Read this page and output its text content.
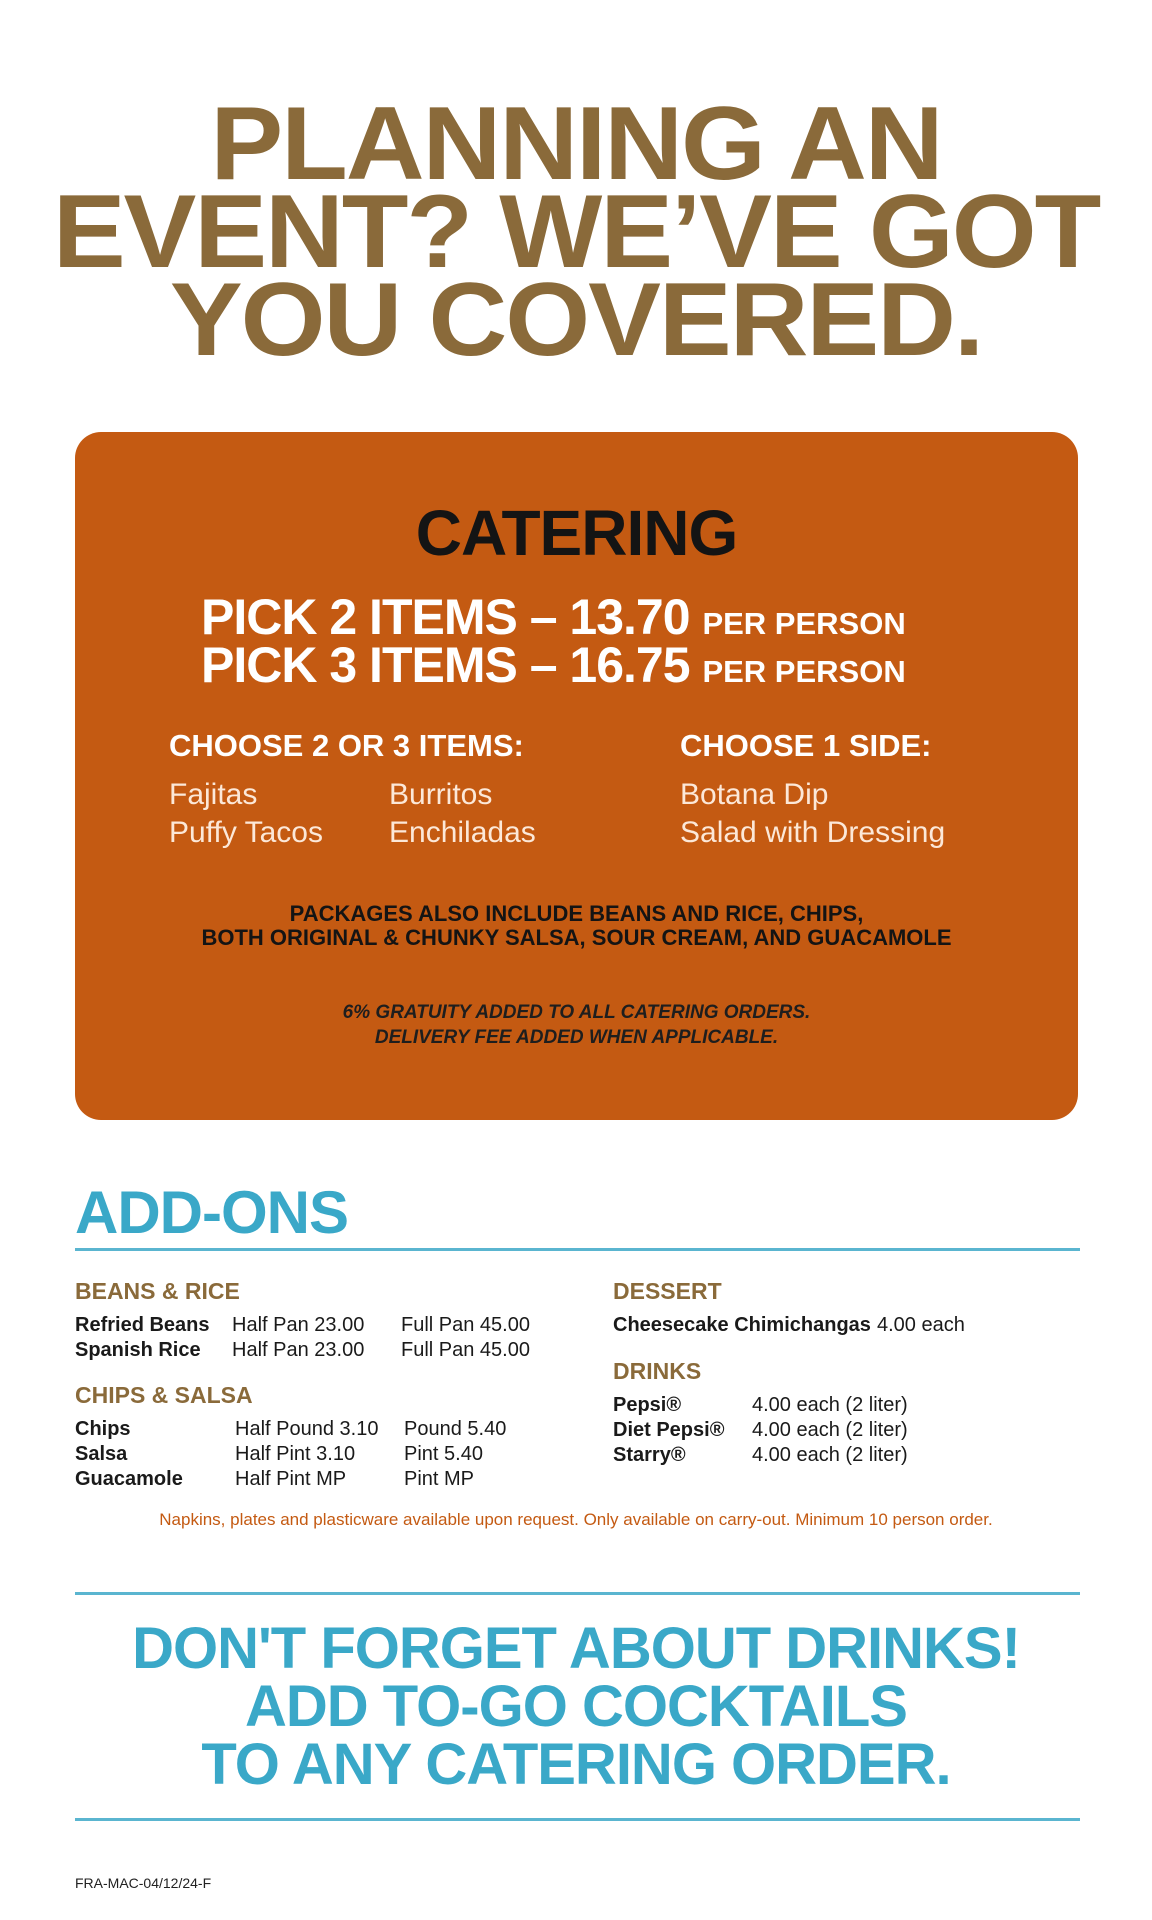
PLANNING AN
EVENT? WE’VE GOT
YOU COVERED.
CATERING
PICK 2 ITEMS – 13.70 PER PERSON
PICK 3 ITEMS – 16.75 PER PERSON
CHOOSE 2 OR 3 ITEMS:	CHOOSE 1 SIDE:
Fajitas	Burritos
Puffy Tacos Enchiladas
Botana Dip
Salad with Dressing
PACKAGES ALSO INCLUDE BEANS AND RICE, CHIPS,
BOTH ORIGINAL & CHUNKY SALSA, SOUR CREAM, AND GUACAMOLE
6% GRATUITY ADDED TO ALL CATERING ORDERS.
DELIVERY FEE ADDED WHEN APPLICABLE.
ADD-ONS
BEANS & RICE
Refried Beans Half Pan 23.00 Full Pan 45.00
Spanish Rice Half Pan 23.00 Full Pan 45.00
CHIPS & SALSA
Chips	Half Pound 3.10 Pound 5.40
Salsa	Half Pint 3.10 Pint 5.40
Guacamole	Half Pint MP	Pint MP
DESSERT
Cheesecake Chimichangas 4.00 each
DRINKS
Pepsi®	4.00 each (2 liter)
Diet Pepsi® 4.00 each (2 liter)
Starry®	4.00 each (2 liter)
Napkins, plates and plasticware available upon request. Only available on carry-out. Minimum 10 person order.
DON'T FORGET ABOUT DRINKS!
ADD TO-GO COCKTAILS
TO ANY CATERING ORDER.
FRA-MAC-04/12/24-F
